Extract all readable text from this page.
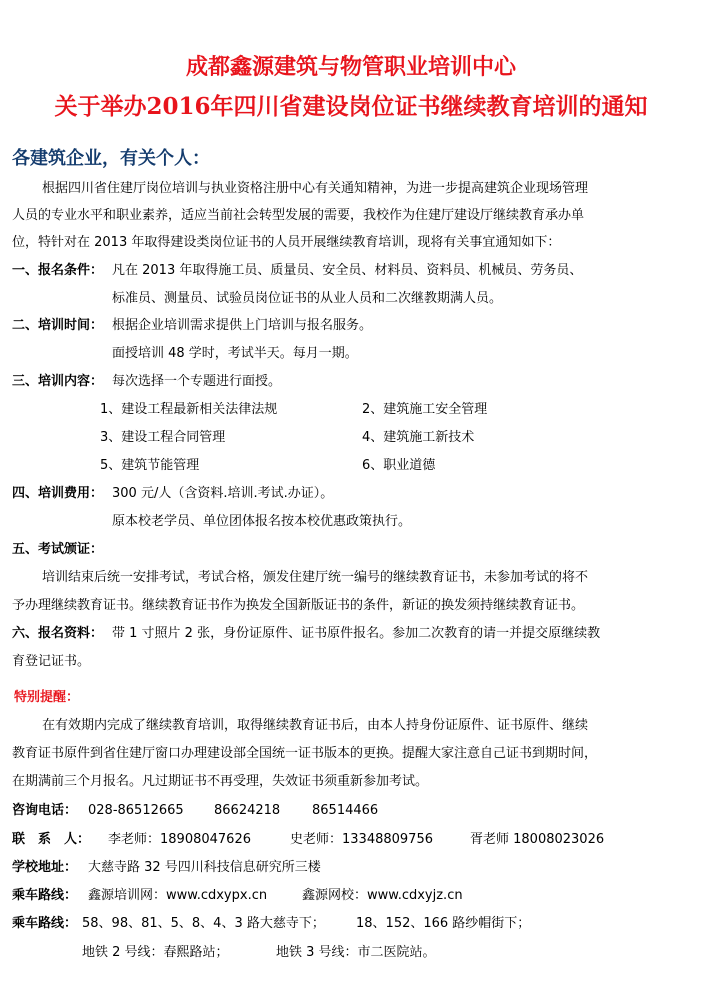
成都鑫源建筑与物管职业培训中心
关于举办2016年四川省建设岗位证书继续教育培训的通知
各建筑企业，有关个人：
根据四川省住建厅岗位培训与执业资格注册中心有关通知精神，为进一步提高建筑企业现场管理
人员的专业水平和职业素养，适应当前社会转型发展的需要，我校作为住建厅建设厅继续教育承办单
位，特针对在 2013 年取得建设类岗位证书的人员开展继续教育培训，现将有关事宜通知如下：
一、报名条件： 凡在 2013 年取得施工员、质量员、安全员、材料员、资料员、机械员、劳务员、
标准员、测量员、试验员岗位证书的从业人员和二次继教期满人员。
二、培训时间： 根据企业培训需求提供上门培训与报名服务。
面授培训 48 学时，考试半天。每月一期。
三、培训内容： 每次选择一个专题进行面授。
1、建设工程最新相关法律法规	2、建筑施工安全管理
3、建设工程合同管理	4、建筑施工新技术
5、建筑节能管理	6、职业道德
四、培训费用： 300 元/人（含资料.培训.考试.办证）。
原本校老学员、单位团体报名按本校优惠政策执行。
五、考试颁证：
培训结束后统一安排考试，考试合格，颁发住建厅统一编号的继续教育证书，未参加考试的将不
予办理继续教育证书。继续教育证书作为换发全国新版证书的条件，新证的换发须持继续教育证书。
六、报名资料： 带 1 寸照片 2 张，身份证原件、证书原件报名。参加二次教育的请一并提交原继续教
育登记证书。
特别提醒：
在有效期内完成了继续教育培训，取得继续教育证书后，由本人持身份证原件、证书原件、继续
教育证书原件到省住建厅窗口办理建设部全国统一证书版本的更换。提醒大家注意自己证书到期时间，
在期满前三个月报名。凡过期证书不再受理，失效证书须重新参加考试。
咨询电话： 028-86512665 86624218 86514466
联　系　人： 李老师：18908047626	史老师：13348809756	胥老师 18008023026
学校地址： 大慈寺路 32 号四川科技信息研究所三楼
乘车路线： 鑫源培训网：www.cdxypx.cn	鑫源网校：www.cdxyjz.cn
乘车路线： 58、98、81、5、8、4、3 路大慈寺下； 18、152、166 路纱帽街下；
地铁 2 号线：春熙路站；	地铁 3 号线：市二医院站。
